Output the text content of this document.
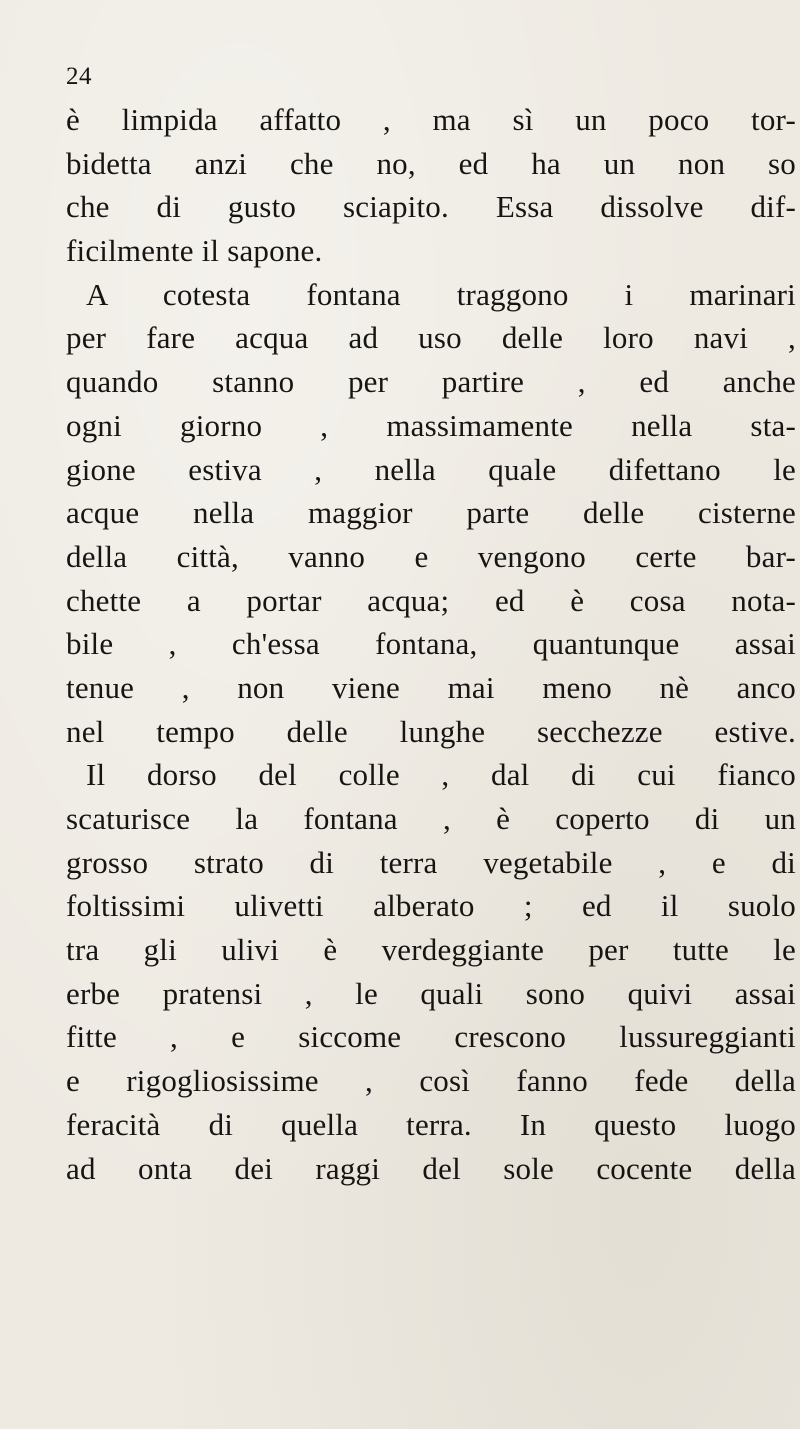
24
è limpida affatto , ma sì un poco tor-
bidetta anzi che no, ed ha un non so
che di gusto sciapito. Essa dissolve dif-
ficilmente il sapone.
A cotesta fontana traggono i marinari
per fare acqua ad uso delle loro navi ,
quando stanno per partire , ed anche
ogni giorno , massimamente nella sta-
gione estiva , nella quale difettano le
acque nella maggior parte delle cisterne
della città, vanno e vengono certe bar-
chette a portar acqua; ed è cosa nota-
bile , ch'essa fontana, quantunque assai
tenue , non viene mai meno nè anco
nel tempo delle lunghe secchezze estive.
Il dorso del colle , dal di cui fianco
scaturisce la fontana , è coperto di un
grosso strato di terra vegetabile , e di
foltissimi ulivetti alberato ; ed il suolo
tra gli ulivi è verdeggiante per tutte le
erbe pratensi , le quali sono quivi assai
fitte , e siccome crescono lussureggianti
e rigogliosissime , così fanno fede della
feracità di quella terra. In questo luogo
ad onta dei raggi del sole cocente della
